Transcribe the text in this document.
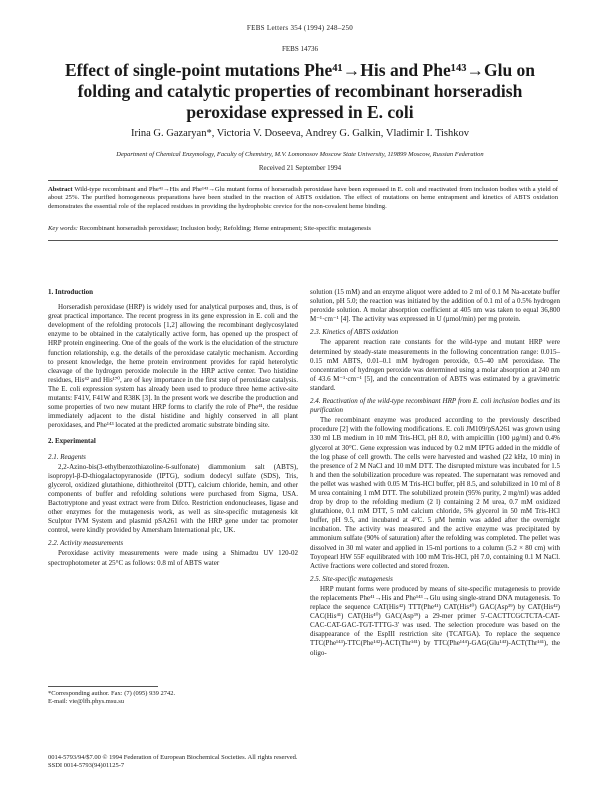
FEBS Letters 354 (1994) 248–250
FEBS 14736
Effect of single-point mutations Phe⁴¹→His and Phe¹⁴³→Glu on folding and catalytic properties of recombinant horseradish peroxidase expressed in E. coli
Irina G. Gazaryan*, Victoria V. Doseeva, Andrey G. Galkin, Vladimir I. Tishkov
Department of Chemical Enzymology, Faculty of Chemistry, M.V. Lomonosov Moscow State University, 119899 Moscow, Russian Federation
Received 21 September 1994
Abstract Wild-type recombinant and Phe⁴¹→His and Phe¹⁴³→Glu mutant forms of horseradish peroxidase have been expressed in E. coli and reactivated from inclusion bodies with a yield of about 25%. The purified homogeneous preparations have been studied in the reaction of ABTS oxidation. The effect of mutations on heme entrapment and kinetics of ABTS oxidation demonstrates the essential role of the replaced residues in providing the hydrophobic crevice for the non-covalent heme binding.
Key words: Recombinant horseradish peroxidase; Inclusion body; Refolding; Heme entrapment; Site-specific mutagenesis

1. Introduction

Horseradish peroxidase (HRP) is widely used for analytical purposes and, thus, is of great practical importance. The recent progress in its gene expression in E. coli and the development of the refolding protocols [1,2] allowing the recombinant deglycosylated enzyme to be obtained in the catalytically active form, has opened up the prospect of HRP protein engineering. One of the goals of the work is the elucidation of the structure function relationship, e.g. the details of the peroxidase catalytic mechanism. According to present knowledge, the heme protein environment provides for rapid heterolytic cleavage of the hydrogen peroxide molecule in the HRP active center. Two histidine residues, His⁴² and His¹⁷⁰, are of key importance in the first step of peroxidase catalysis. The E. coli expression system has already been used to produce three heme active-site mutants: F41V, F41W and R38K [3]. In the present work we describe the production and some properties of two new mutant HRP forms to clarify the role of Phe⁴¹, the residue immediately adjacent to the distal histidine and highly conserved in all plant peroxidases, and Phe¹⁴³ located at the predicted aromatic substrate binding site.

2. Experimental

2.1. Reagents

2,2-Azino-bis(3-ethylbenzothiazoline-6-sulfonate) diammonium salt (ABTS), isopropyl-β-D-thiogalactopyranoside (IPTG), sodium dodecyl sulfate (SDS), Tris, glycerol, oxidized glutathione, dithiothreitol (DTT), calcium chloride, hemin, and other components of buffer and refolding solutions were purchased from Sigma, USA. Bactotryptone and yeast extract were from Difco. Restriction endonucleases, ligase and other enzymes for the mutagenesis work, as well as site-specific mutagenesis kit Sculptor IVM System and plasmid pSA261 with the HRP gene under tac promoter control, were kindly provided by Amersham International plc, UK.

2.2. Activity measurements

Peroxidase activity measurements were made using a Shimadzu UV 120-02 spectrophotometer at 25°C as follows: 0.8 ml of ABTS water

solution (15 mM) and an enzyme aliquot were added to 2 ml of 0.1 M Na-acetate buffer solution, pH 5.0; the reaction was initiated by the addition of 0.1 ml of a 0.5% hydrogen peroxide solution. A molar absorption coefficient at 405 nm was taken to equal 36,800 M⁻¹·cm⁻¹ [4]. The activity was expressed in U (µmol/min) per mg protein.

2.3. Kinetics of ABTS oxidation

The apparent reaction rate constants for the wild-type and mutant HRP were determined by steady-state measurements in the following concentration range: 0.015–0.15 mM ABTS, 0.01–0.1 mM hydrogen peroxide, 0.5–40 nM peroxidase. The concentration of hydrogen peroxide was determined using a molar absorption at 240 nm of 43.6 M⁻¹·cm⁻¹ [5], and the concentration of ABTS was estimated by a gravimetric standard.

2.4. Reactivation of the wild-type recombinant HRP from E. coli inclusion bodies and its purification

The recombinant enzyme was produced according to the previously described procedure [2] with the following modifications. E. coli JM109/pSA261 was grown using 330 ml LB medium in 10 mM Tris-HCl, pH 8.0, with ampicillin (100 µg/ml) and 0.4% glycerol at 30°C. Gene expression was induced by 0.2 mM IPTG added in the middle of the log phase of cell growth. The cells were harvested and washed (22 kHz, 10 min) in the presence of 2 M NaCl and 10 mM DTT. The disrupted mixture was incubated for 1.5 h and then the solubilization procedure was repeated. The supernatant was removed and the pellet was washed with 0.05 M Tris-HCl buffer, pH 8.5, and solubilized in 10 ml of 8 M urea containing 1 mM DTT. The solubilized protein (95% purity, 2 mg/ml) was added drop by drop to the refolding medium (2 l) containing 2 M urea, 0.7 mM oxidized glutathione, 0.1 mM DTT, 5 mM calcium chloride, 5% glycerol in 50 mM Tris-HCl buffer, pH 9.5, and incubated at 4°C. 5 µM hemin was added after the overnight incubation. The activity was measured and the active enzyme was precipitated by ammonium sulfate (90% of saturation) after the refolding was completed. The pellet was dissolved in 30 ml water and applied in 15-ml portions to a column (5.2 × 80 cm) with Toyopearl HW 55F equilibrated with 100 mM Tris-HCl, pH 7.0, containing 0.1 M NaCl. Active fractions were collected and stored frozen.

2.5. Site-specific mutagenesis

HRP mutant forms were produced by means of site-specific mutagenesis to provide the replacements Phe⁴¹→His and Phe¹⁴³→Glu using single-strand DNA mutagenesis. To replace the sequence CAT(His⁴²) TTT(Phe⁴¹) CAT(His⁴⁰) GAC(Asp³⁹) by CAT(His⁴²) CAC(His⁴¹) CAT(His⁴⁰) GAC(Asp³⁹) a 29-mer primer 5'-CACTTCGCTCTA-CAT-CAC-CAT-GAC-TGT-TTTG-3' was used. The selection procedure was based on the disappearance of the EspIII restriction site (TCATGA). To replace the sequence TTC(Phe¹⁴³)-TTC(Phe¹⁴²)-ACT(Thr¹⁴¹) by TTC(Phe¹⁴⁴)-GAG(Glu¹⁴³)-ACT(Thr¹⁴¹), the oligo-

*Corresponding author. Fax: (7) (095) 939 2742.
E-mail: vie@lfh.phys.msu.su
0014-5793/94/$7.00 © 1994 Federation of European Biochemical Societies. All rights reserved.
SSDI 0014-5793(94)01125-7
